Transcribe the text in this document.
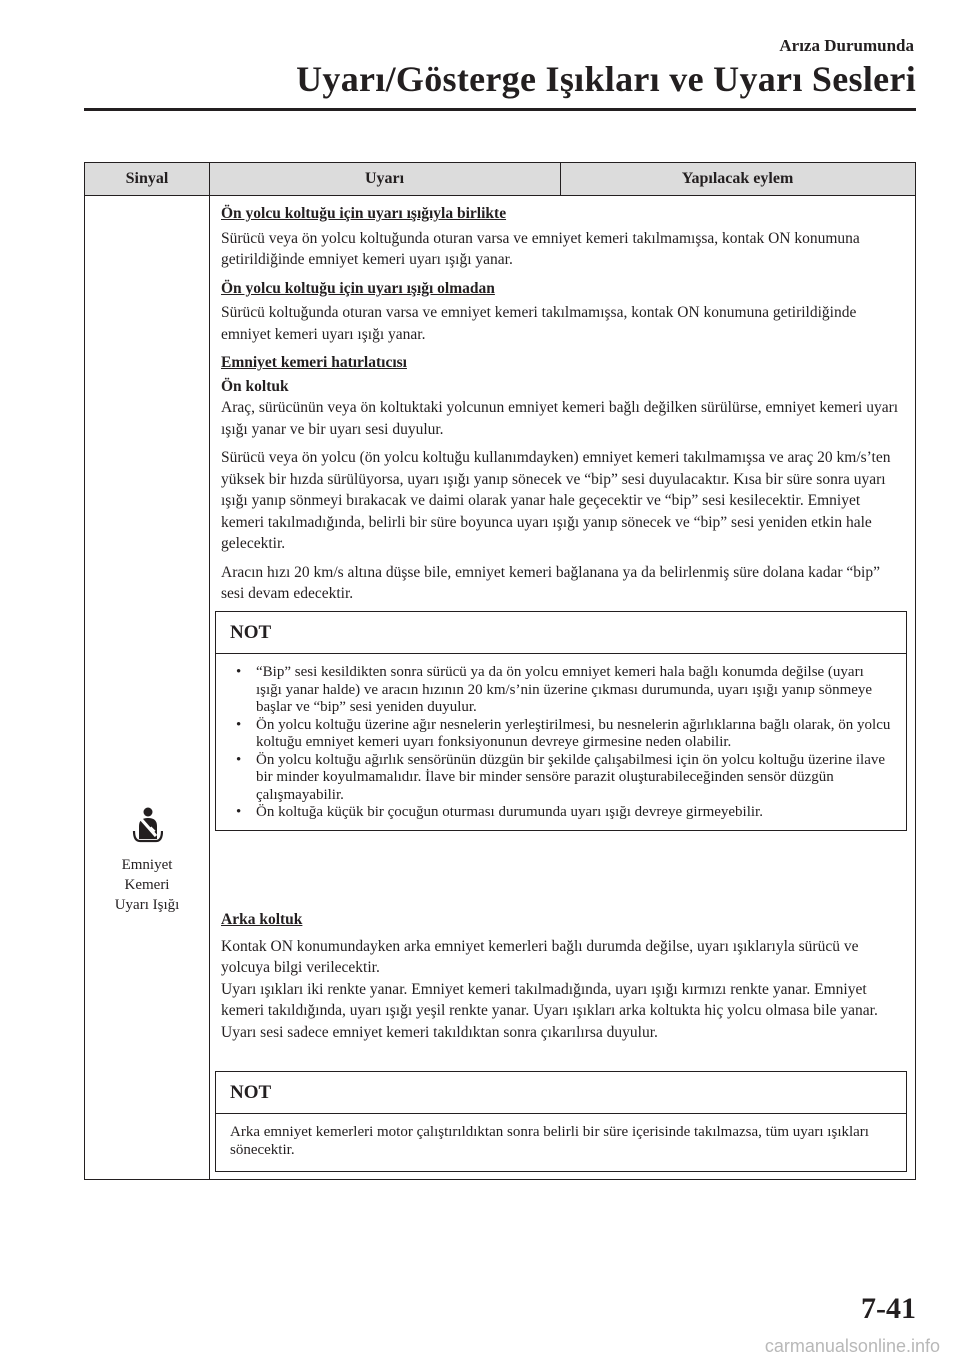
Arıza Durumunda
Uyarı/Gösterge Işıkları ve Uyarı Sesleri
Sinyal	Uyarı	Yapılacak eylem
Emniyet
Kemeri
Uyarı Işığı

Ön yolcu koltuğu için uyarı ışığıyla birlikte

Sürücü veya ön yolcu koltuğunda oturan varsa ve emniyet kemeri takılmamışsa, kontak ON konumuna getirildiğinde emniyet kemeri uyarı ışığı yanar.

Ön yolcu koltuğu için uyarı ışığı olmadan

Sürücü koltuğunda oturan varsa ve emniyet kemeri takılmamışsa, kontak ON konumuna getirildiğinde emniyet kemeri uyarı ışığı yanar.

Emniyet kemeri hatırlatıcısı

Ön koltuk

Araç, sürücünün veya ön koltuktaki yolcunun emniyet kemeri bağlı değilken sürülürse, emniyet kemeri uyarı ışığı yanar ve bir uyarı sesi duyulur.

Sürücü veya ön yolcu (ön yolcu koltuğu kullanımdayken) emniyet kemeri takılmamışsa ve araç 20 km/s’ten yüksek bir hızda sürülüyorsa, uyarı ışığı yanıp sönecek ve “bip” sesi duyulacaktır. Kısa bir süre sonra uyarı ışığı yanıp sönmeyi bırakacak ve daimi olarak yanar hale geçecektir ve “bip” sesi kesilecektir. Emniyet kemeri takılmadığında, belirli bir süre boyunca uyarı ışığı yanıp sönecek ve “bip” sesi yeniden etkin hale gelecektir.

Aracın hızı 20 km/s altına düşse bile, emniyet kemeri bağlanana ya da belirlenmiş süre dolana kadar “bip” sesi devam edecektir.

NOT

• “Bip” sesi kesildikten sonra sürücü ya da ön yolcu emniyet kemeri hala bağlı konumda değilse (uyarı ışığı yanar halde) ve aracın hızının 20 km/s’nin üzerine çıkması durumunda, uyarı ışığı yanıp sönmeye başlar ve “bip” sesi yeniden duyulur.

• Ön yolcu koltuğu üzerine ağır nesnelerin yerleştirilmesi, bu nesnelerin ağırlıklarına bağlı olarak, ön yolcu koltuğu emniyet kemeri uyarı fonksiyonunun devreye girmesine neden olabilir.

• Ön yolcu koltuğu ağırlık sensörünün düzgün bir şekilde çalışabilmesi için ön yolcu koltuğu üzerine ilave bir minder koyulmamalıdır. İlave bir minder sensöre parazit oluşturabileceğinden sensör düzgün çalışmayabilir.

• Ön koltuğa küçük bir çocuğun oturması durumunda uyarı ışığı devreye girmeyebilir.

Arka koltuk

Kontak ON konumundayken arka emniyet kemerleri bağlı durumda değilse, uyarı ışıklarıyla sürücü ve yolcuya bilgi verilecektir.

Uyarı ışıkları iki renkte yanar. Emniyet kemeri takılmadığında, uyarı ışığı kırmızı renkte yanar. Emniyet kemeri takıldığında, uyarı ışığı yeşil renkte yanar. Uyarı ışıkları arka koltukta hiç yolcu olmasa bile yanar. Uyarı sesi sadece emniyet kemeri takıldıktan sonra çıkarılırsa duyulur.

NOT

Arka emniyet kemerleri motor çalıştırıldıktan sonra belirli bir süre içerisinde takılmazsa, tüm uyarı ışıkları sönecektir.

7-41
carmanualsonline.info
